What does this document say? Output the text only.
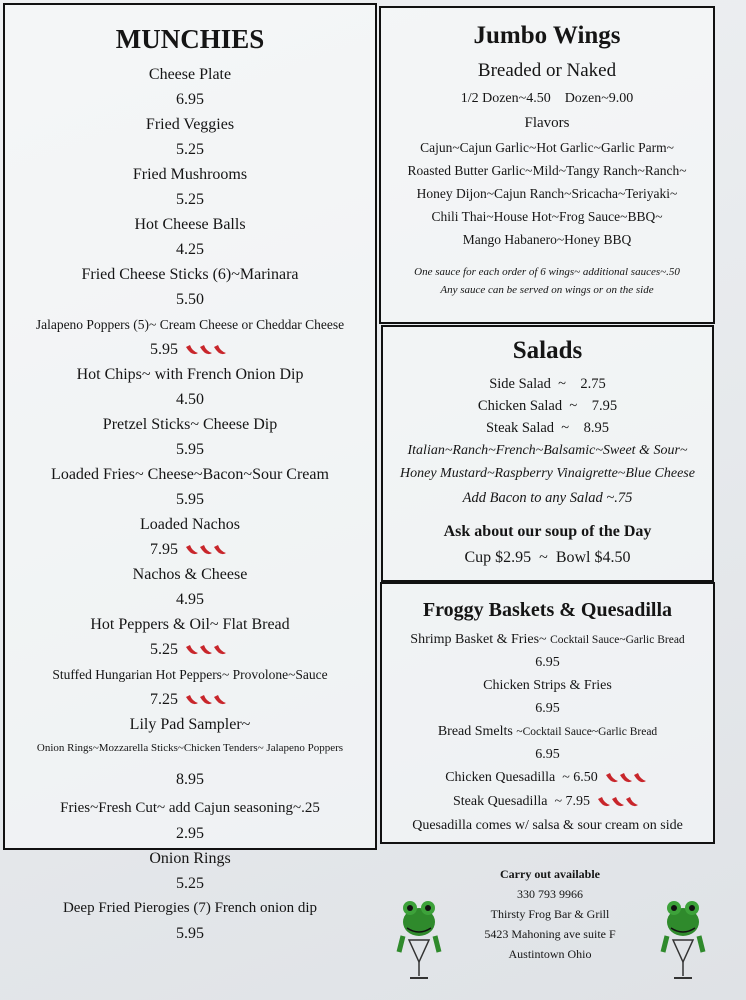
MUNCHIES
Cheese Plate
6.95
Fried Veggies
5.25
Fried Mushrooms
5.25
Hot Cheese Balls
4.25
Fried Cheese Sticks (6)~Marinara
5.50
Jalapeno Poppers (5)~ Cream Cheese or Cheddar Cheese
5.95
Hot Chips~ with French Onion Dip
4.50
Pretzel Sticks~ Cheese Dip
5.95
Loaded Fries~ Cheese~Bacon~Sour Cream
5.95
Loaded Nachos
7.95
Nachos & Cheese
4.95
Hot Peppers & Oil~ Flat Bread
5.25
Stuffed Hungarian Hot Peppers~ Provolone~Sauce
7.25
Lily Pad Sampler~
Onion Rings~Mozzarella Sticks~Chicken Tenders~ Jalapeno Poppers
8.95
Fries~Fresh Cut~ add Cajun seasoning~.25
2.95
Onion Rings
5.25
Deep Fried Pierogies (7) French onion dip
5.95
Jumbo Wings
Breaded or Naked
1/2 Dozen~4.50    Dozen~9.00
Flavors
Cajun~Cajun Garlic~Hot Garlic~Garlic Parm~
Roasted Butter Garlic~Mild~Tangy Ranch~Ranch~
Honey Dijon~Cajun Ranch~Sricacha~Teriyaki~
Chili Thai~House Hot~Frog Sauce~BBQ~
Mango Habanero~Honey BBQ
One sauce for each order of 6 wings~ additional sauces~.50
Any sauce can be served on wings or on the side
Salads
Side Salad  ~ 2.75
Chicken Salad  ~ 7.95
Steak Salad  ~ 8.95
Italian~Ranch~French~Balsamic~Sweet & Sour~
Honey Mustard~Raspberry Vinaigrette~Blue Cheese
Add Bacon to any Salad ~.75
Ask about our soup of the Day
Cup $2.95  ~  Bowl $4.50
Froggy Baskets & Quesadilla
Shrimp Basket & Fries~ Cocktail Sauce~Garlic Bread
6.95
Chicken Strips & Fries
6.95
Bread Smelts ~Cocktail Sauce~Garlic Bread
6.95
Chicken Quesadilla ~ 6.50
Steak Quesadilla ~ 7.95
Quesadilla comes w/ salsa & sour cream on side
Carry out available
330 793 9966
Thirsty Frog Bar & Grill
5423 Mahoning ave suite F
Austintown Ohio
